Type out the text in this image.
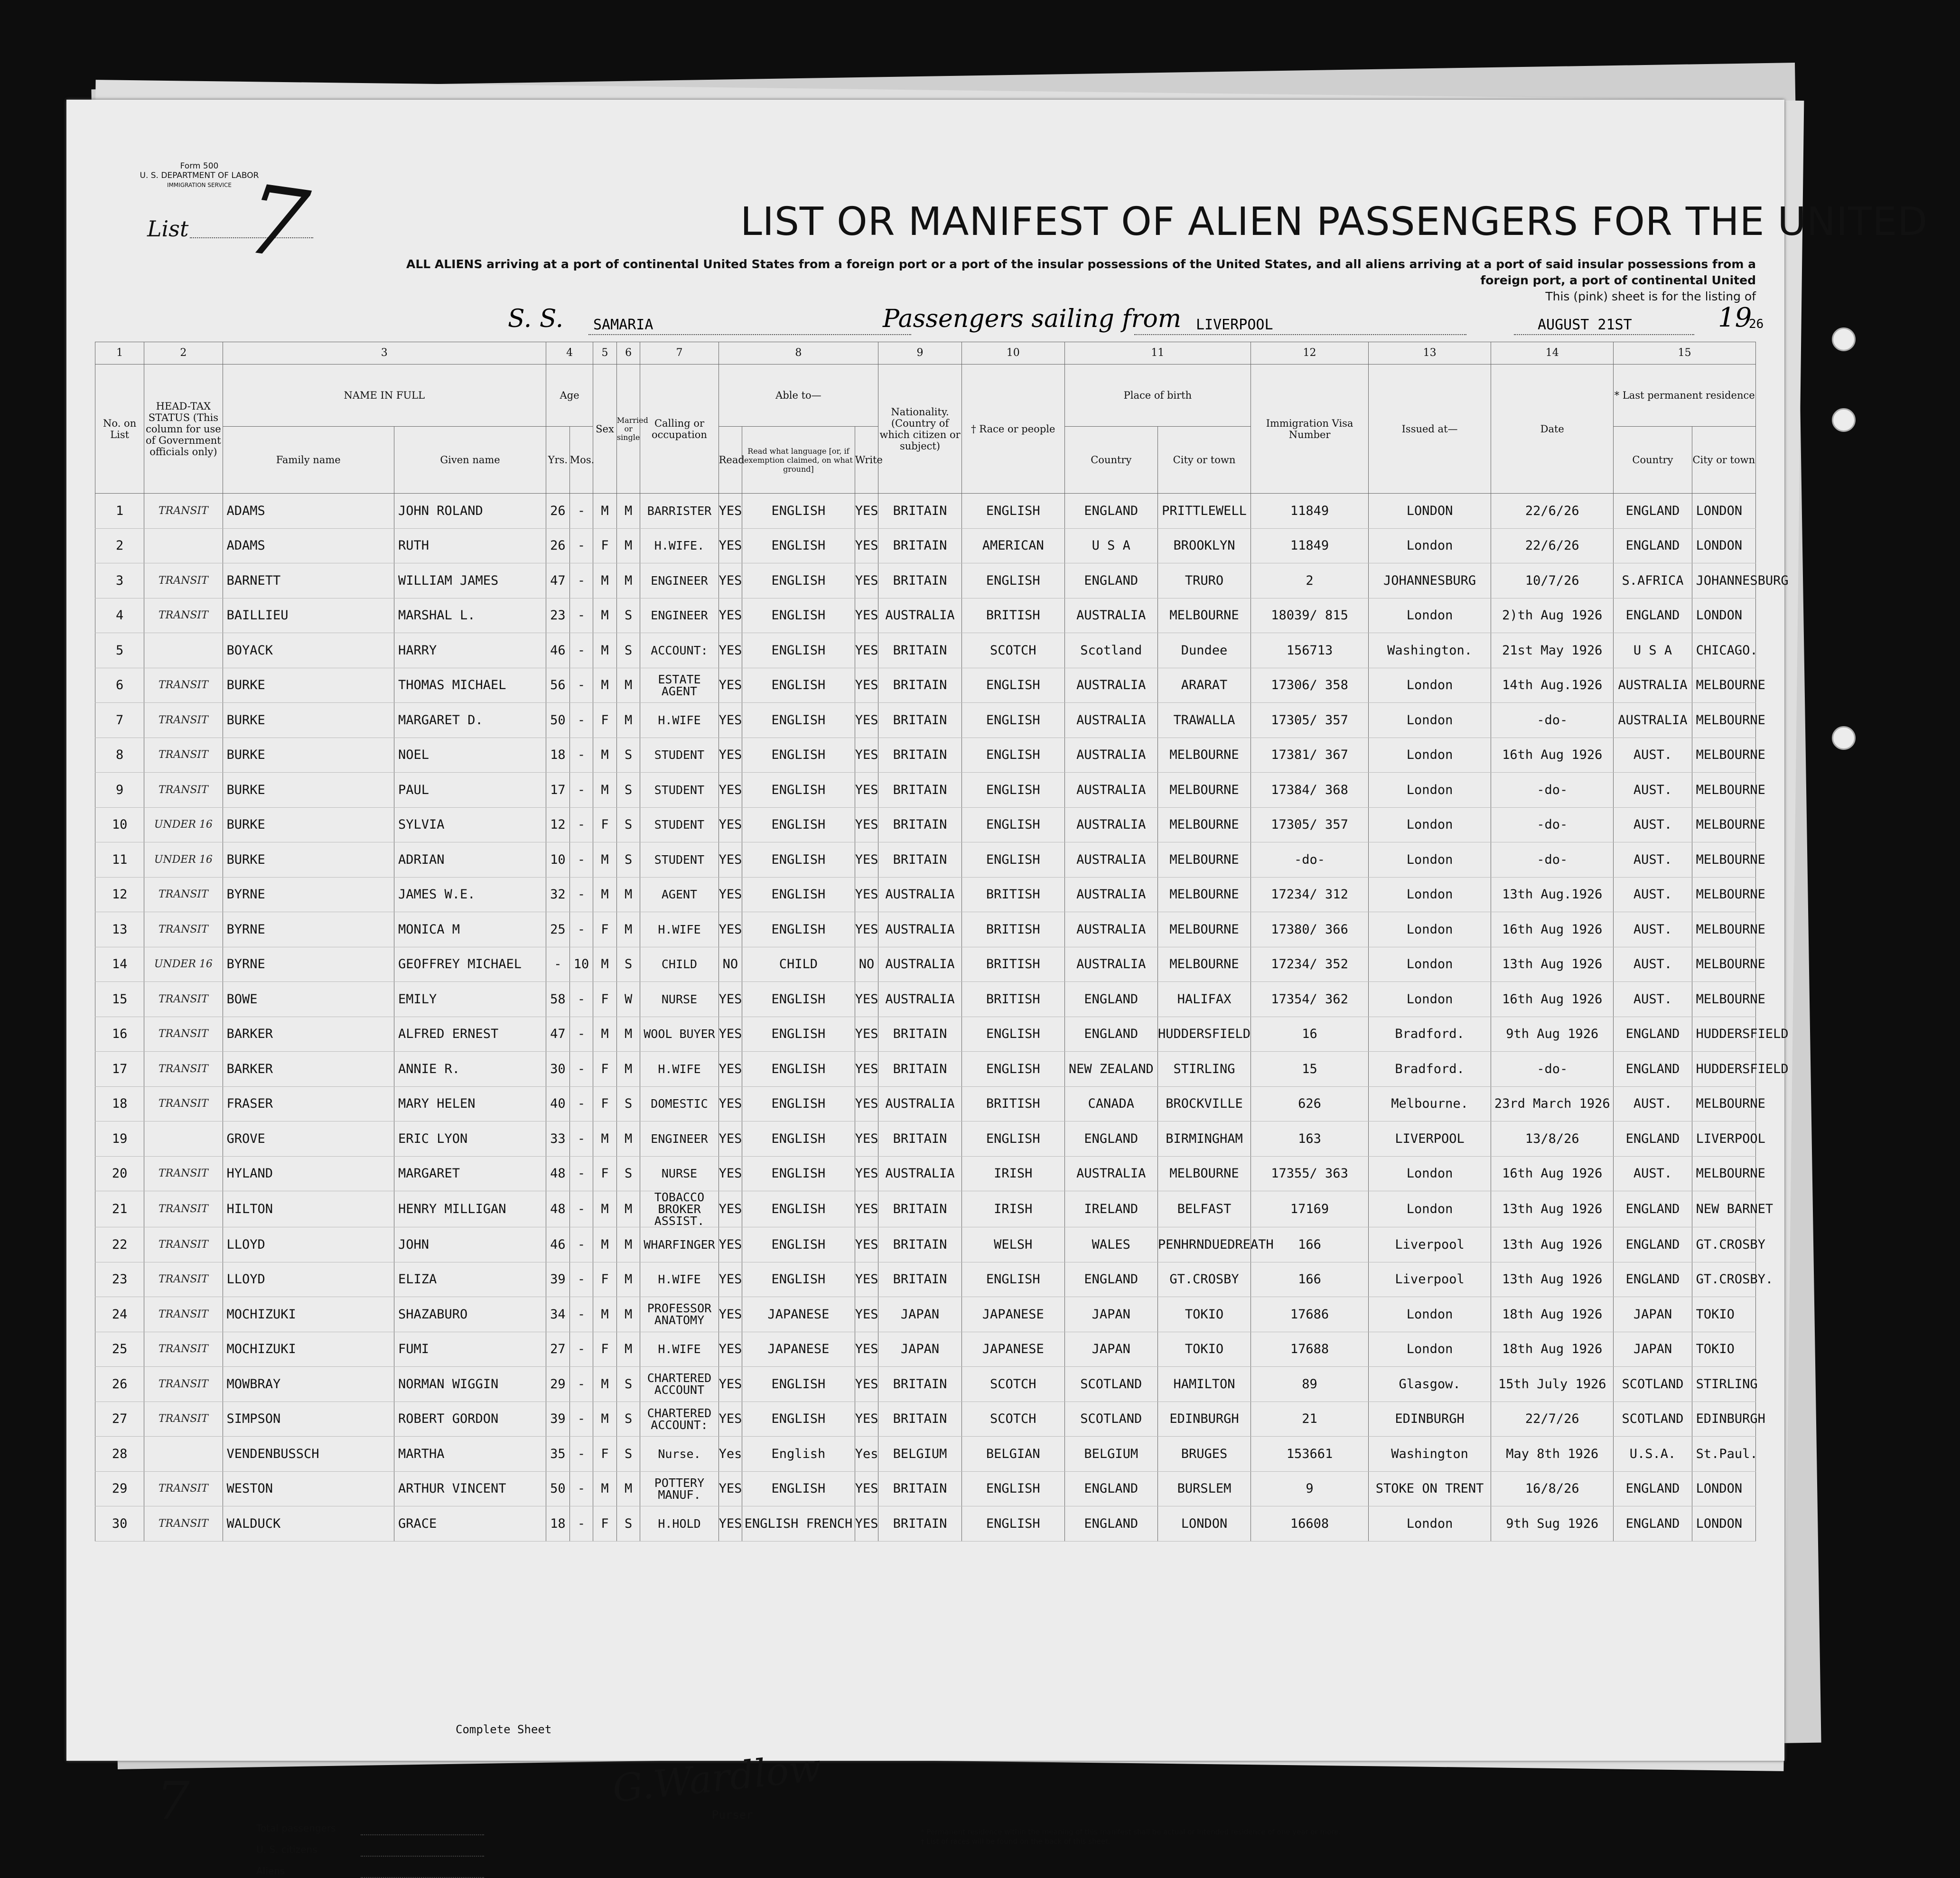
Form 500
U. S. DEPARTMENT OF LABOR
IMMIGRATION SERVICE
List 7	LIST OR MANIFEST OF ALIEN PASSENGERS FOR THE UNITED
ALL ALIENS arriving at a port of continental United States from a foreign port or a port of the insular possessions of the United States, and all aliens arriving at a port of said insular possessions from a foreign port, a port of continental United
This (pink) sheet is for the listing of
S. S. SAMARIA	Passengers sailing from LIVERPOOL	AUGUST 21ST	19
26
1	2	3		4		5	6	7	8			9	10	11		12	13	14	15	
No. on List	HEAD-TAX STATUS (This column for use of Government officials only)	NAME IN FULL		Age		Sex	Married or single	Calling or occupation	Able to—			Nationality. (Country of which citizen or subject)	† Race or people	Place of birth		Immigration Visa Number	Issued at—	Date	* Last permanent residence	
		Family name	Given name	Yrs.	Mos.				Read	Read what language [or, if exemption claimed, on what ground]	Write			Country	City or town				Country	City or town
1	TRANSIT	ADAMS	JOHN ROLAND	26	-	M	M	BARRISTER	YES	ENGLISH	YES	BRITAIN	ENGLISH	ENGLAND	PRITTLEWELL	11849	LONDON	22/6/26	ENGLAND	LONDON
2		ADAMS	RUTH	26	-	F	M	H.WIFE.	YES	ENGLISH	YES	BRITAIN	AMERICAN	U S A	BROOKLYN	11849	London	22/6/26	ENGLAND	LONDON
3	TRANSIT	BARNETT	WILLIAM JAMES	47	-	M	M	ENGINEER	YES	ENGLISH	YES	BRITAIN	ENGLISH	ENGLAND	TRURO	2	JOHANNESBURG	10/7/26	S.AFRICA	JOHANNESBURG
4	TRANSIT	BAILLIEU	MARSHAL L.	23	-	M	S	ENGINEER	YES	ENGLISH	YES	AUSTRALIA	BRITISH	AUSTRALIA	MELBOURNE	18039/ 815	London	2)th Aug 1926	ENGLAND	LONDON
5		BOYACK	HARRY	46	-	M	S	ACCOUNT:	YES	ENGLISH	YES	BRITAIN	SCOTCH	Scotland	Dundee	156713	Washington.	21st May 1926	U S A	CHICAGO.
6	TRANSIT	BURKE	THOMAS MICHAEL	56	-	M	M	ESTATE AGENT	YES	ENGLISH	YES	BRITAIN	ENGLISH	AUSTRALIA	ARARAT	17306/ 358	London	14th Aug.1926	AUSTRALIA	MELBOURNE
7	TRANSIT	BURKE	MARGARET D.	50	-	F	M	H.WIFE	YES	ENGLISH	YES	BRITAIN	ENGLISH	AUSTRALIA	TRAWALLA	17305/ 357	London	-do-	AUSTRALIA	MELBOURNE
8	TRANSIT	BURKE	NOEL	18	-	M	S	STUDENT	YES	ENGLISH	YES	BRITAIN	ENGLISH	AUSTRALIA	MELBOURNE	17381/ 367	London	16th Aug 1926	AUST.	MELBOURNE
9	TRANSIT	BURKE	PAUL	17	-	M	S	STUDENT	YES	ENGLISH	YES	BRITAIN	ENGLISH	AUSTRALIA	MELBOURNE	17384/ 368	London	-do-	AUST.	MELBOURNE
10	UNDER 16	BURKE	SYLVIA	12	-	F	S	STUDENT	YES	ENGLISH	YES	BRITAIN	ENGLISH	AUSTRALIA	MELBOURNE	17305/ 357	London	-do-	AUST.	MELBOURNE
11	UNDER 16	BURKE	ADRIAN	10	-	M	S	STUDENT	YES	ENGLISH	YES	BRITAIN	ENGLISH	AUSTRALIA	MELBOURNE	-do-	London	-do-	AUST.	MELBOURNE
12	TRANSIT	BYRNE	JAMES W.E.	32	-	M	M	AGENT	YES	ENGLISH	YES	AUSTRALIA	BRITISH	AUSTRALIA	MELBOURNE	17234/ 312	London	13th Aug.1926	AUST.	MELBOURNE
13	TRANSIT	BYRNE	MONICA M	25	-	F	M	H.WIFE	YES	ENGLISH	YES	AUSTRALIA	BRITISH	AUSTRALIA	MELBOURNE	17380/ 366	London	16th Aug 1926	AUST.	MELBOURNE
14	UNDER 16	BYRNE	GEOFFREY MICHAEL	-	10	M	S	CHILD	NO	CHILD	NO	AUSTRALIA	BRITISH	AUSTRALIA	MELBOURNE	17234/ 352	London	13th Aug 1926	AUST.	MELBOURNE
15	TRANSIT	BOWE	EMILY	58	-	F	W	NURSE	YES	ENGLISH	YES	AUSTRALIA	BRITISH	ENGLAND	HALIFAX	17354/ 362	London	16th Aug 1926	AUST.	MELBOURNE
16	TRANSIT	BARKER	ALFRED ERNEST	47	-	M	M	WOOL BUYER	YES	ENGLISH	YES	BRITAIN	ENGLISH	ENGLAND	HUDDERSFIELD	16	Bradford.	9th Aug 1926	ENGLAND	HUDDERSFIELD
17	TRANSIT	BARKER	ANNIE R.	30	-	F	M	H.WIFE	YES	ENGLISH	YES	BRITAIN	ENGLISH	NEW ZEALAND	STIRLING	15	Bradford.	-do-	ENGLAND	HUDDERSFIELD
18	TRANSIT	FRASER	MARY HELEN	40	-	F	S	DOMESTIC	YES	ENGLISH	YES	AUSTRALIA	BRITISH	CANADA	BROCKVILLE	626	Melbourne.	23rd March 1926	AUST.	MELBOURNE
19		GROVE	ERIC LYON	33	-	M	M	ENGINEER	YES	ENGLISH	YES	BRITAIN	ENGLISH	ENGLAND	BIRMINGHAM	163	LIVERPOOL	13/8/26	ENGLAND	LIVERPOOL
20	TRANSIT	HYLAND	MARGARET	48	-	F	S	NURSE	YES	ENGLISH	YES	AUSTRALIA	IRISH	AUSTRALIA	MELBOURNE	17355/ 363	London	16th Aug 1926	AUST.	MELBOURNE
21	TRANSIT	HILTON	HENRY MILLIGAN	48	-	M	M	TOBACCO BROKER ASSIST.	YES	ENGLISH	YES	BRITAIN	IRISH	IRELAND	BELFAST	17169	London	13th Aug 1926	ENGLAND	NEW BARNET
22	TRANSIT	LLOYD	JOHN	46	-	M	M	WHARFINGER	YES	ENGLISH	YES	BRITAIN	WELSH	WALES	PENHRNDUEDREATH	166	Liverpool	13th Aug 1926	ENGLAND	GT.CROSBY
23	TRANSIT	LLOYD	ELIZA	39	-	F	M	H.WIFE	YES	ENGLISH	YES	BRITAIN	ENGLISH	ENGLAND	GT.CROSBY	166	Liverpool	13th Aug 1926	ENGLAND	GT.CROSBY.
24	TRANSIT	MOCHIZUKI	SHAZABURO	34	-	M	M	PROFESSOR ANATOMY	YES	JAPANESE	YES	JAPAN	JAPANESE	JAPAN	TOKIO	17686	London	18th Aug 1926	JAPAN	TOKIO
25	TRANSIT	MOCHIZUKI	FUMI	27	-	F	M	H.WIFE	YES	JAPANESE	YES	JAPAN	JAPANESE	JAPAN	TOKIO	17688	London	18th Aug 1926	JAPAN	TOKIO
26	TRANSIT	MOWBRAY	NORMAN WIGGIN	29	-	M	S	CHARTERED ACCOUNT	YES	ENGLISH	YES	BRITAIN	SCOTCH	SCOTLAND	HAMILTON	89	Glasgow.	15th July 1926	SCOTLAND	STIRLING
27	TRANSIT	SIMPSON	ROBERT GORDON	39	-	M	S	CHARTERED ACCOUNT:	YES	ENGLISH	YES	BRITAIN	SCOTCH	SCOTLAND	EDINBURGH	21	EDINBURGH	22/7/26	SCOTLAND	EDINBURGH
28		VENDENBUSSCH	MARTHA	35	-	F	S	Nurse.	Yes	English	Yes	BELGIUM	BELGIAN	BELGIUM	BRUGES	153661	Washington	May 8th 1926	U.S.A.	St.Paul.
29	TRANSIT	WESTON	ARTHUR VINCENT	50	-	M	M	POTTERY MANUF.	YES	ENGLISH	YES	BRITAIN	ENGLISH	ENGLAND	BURSLEM	9	STOKE ON TRENT	16/8/26	ENGLAND	LONDON
30	TRANSIT	WALDUCK	GRACE	18	-	F	S	H.HOLD	YES	ENGLISH FRENCH	YES	BRITAIN	ENGLISH	ENGLAND	LONDON	16608	London	9th Sug 1926	ENGLAND	LONDON
Complete Sheet
G.Wardlow
Purser
7	Total passengers
U. S. citizens
Aliens
* Permanent residence within the meaning of this manifest shall be actual or intended residence of one year or more.
† List of races will be found on the back of this sheet.
